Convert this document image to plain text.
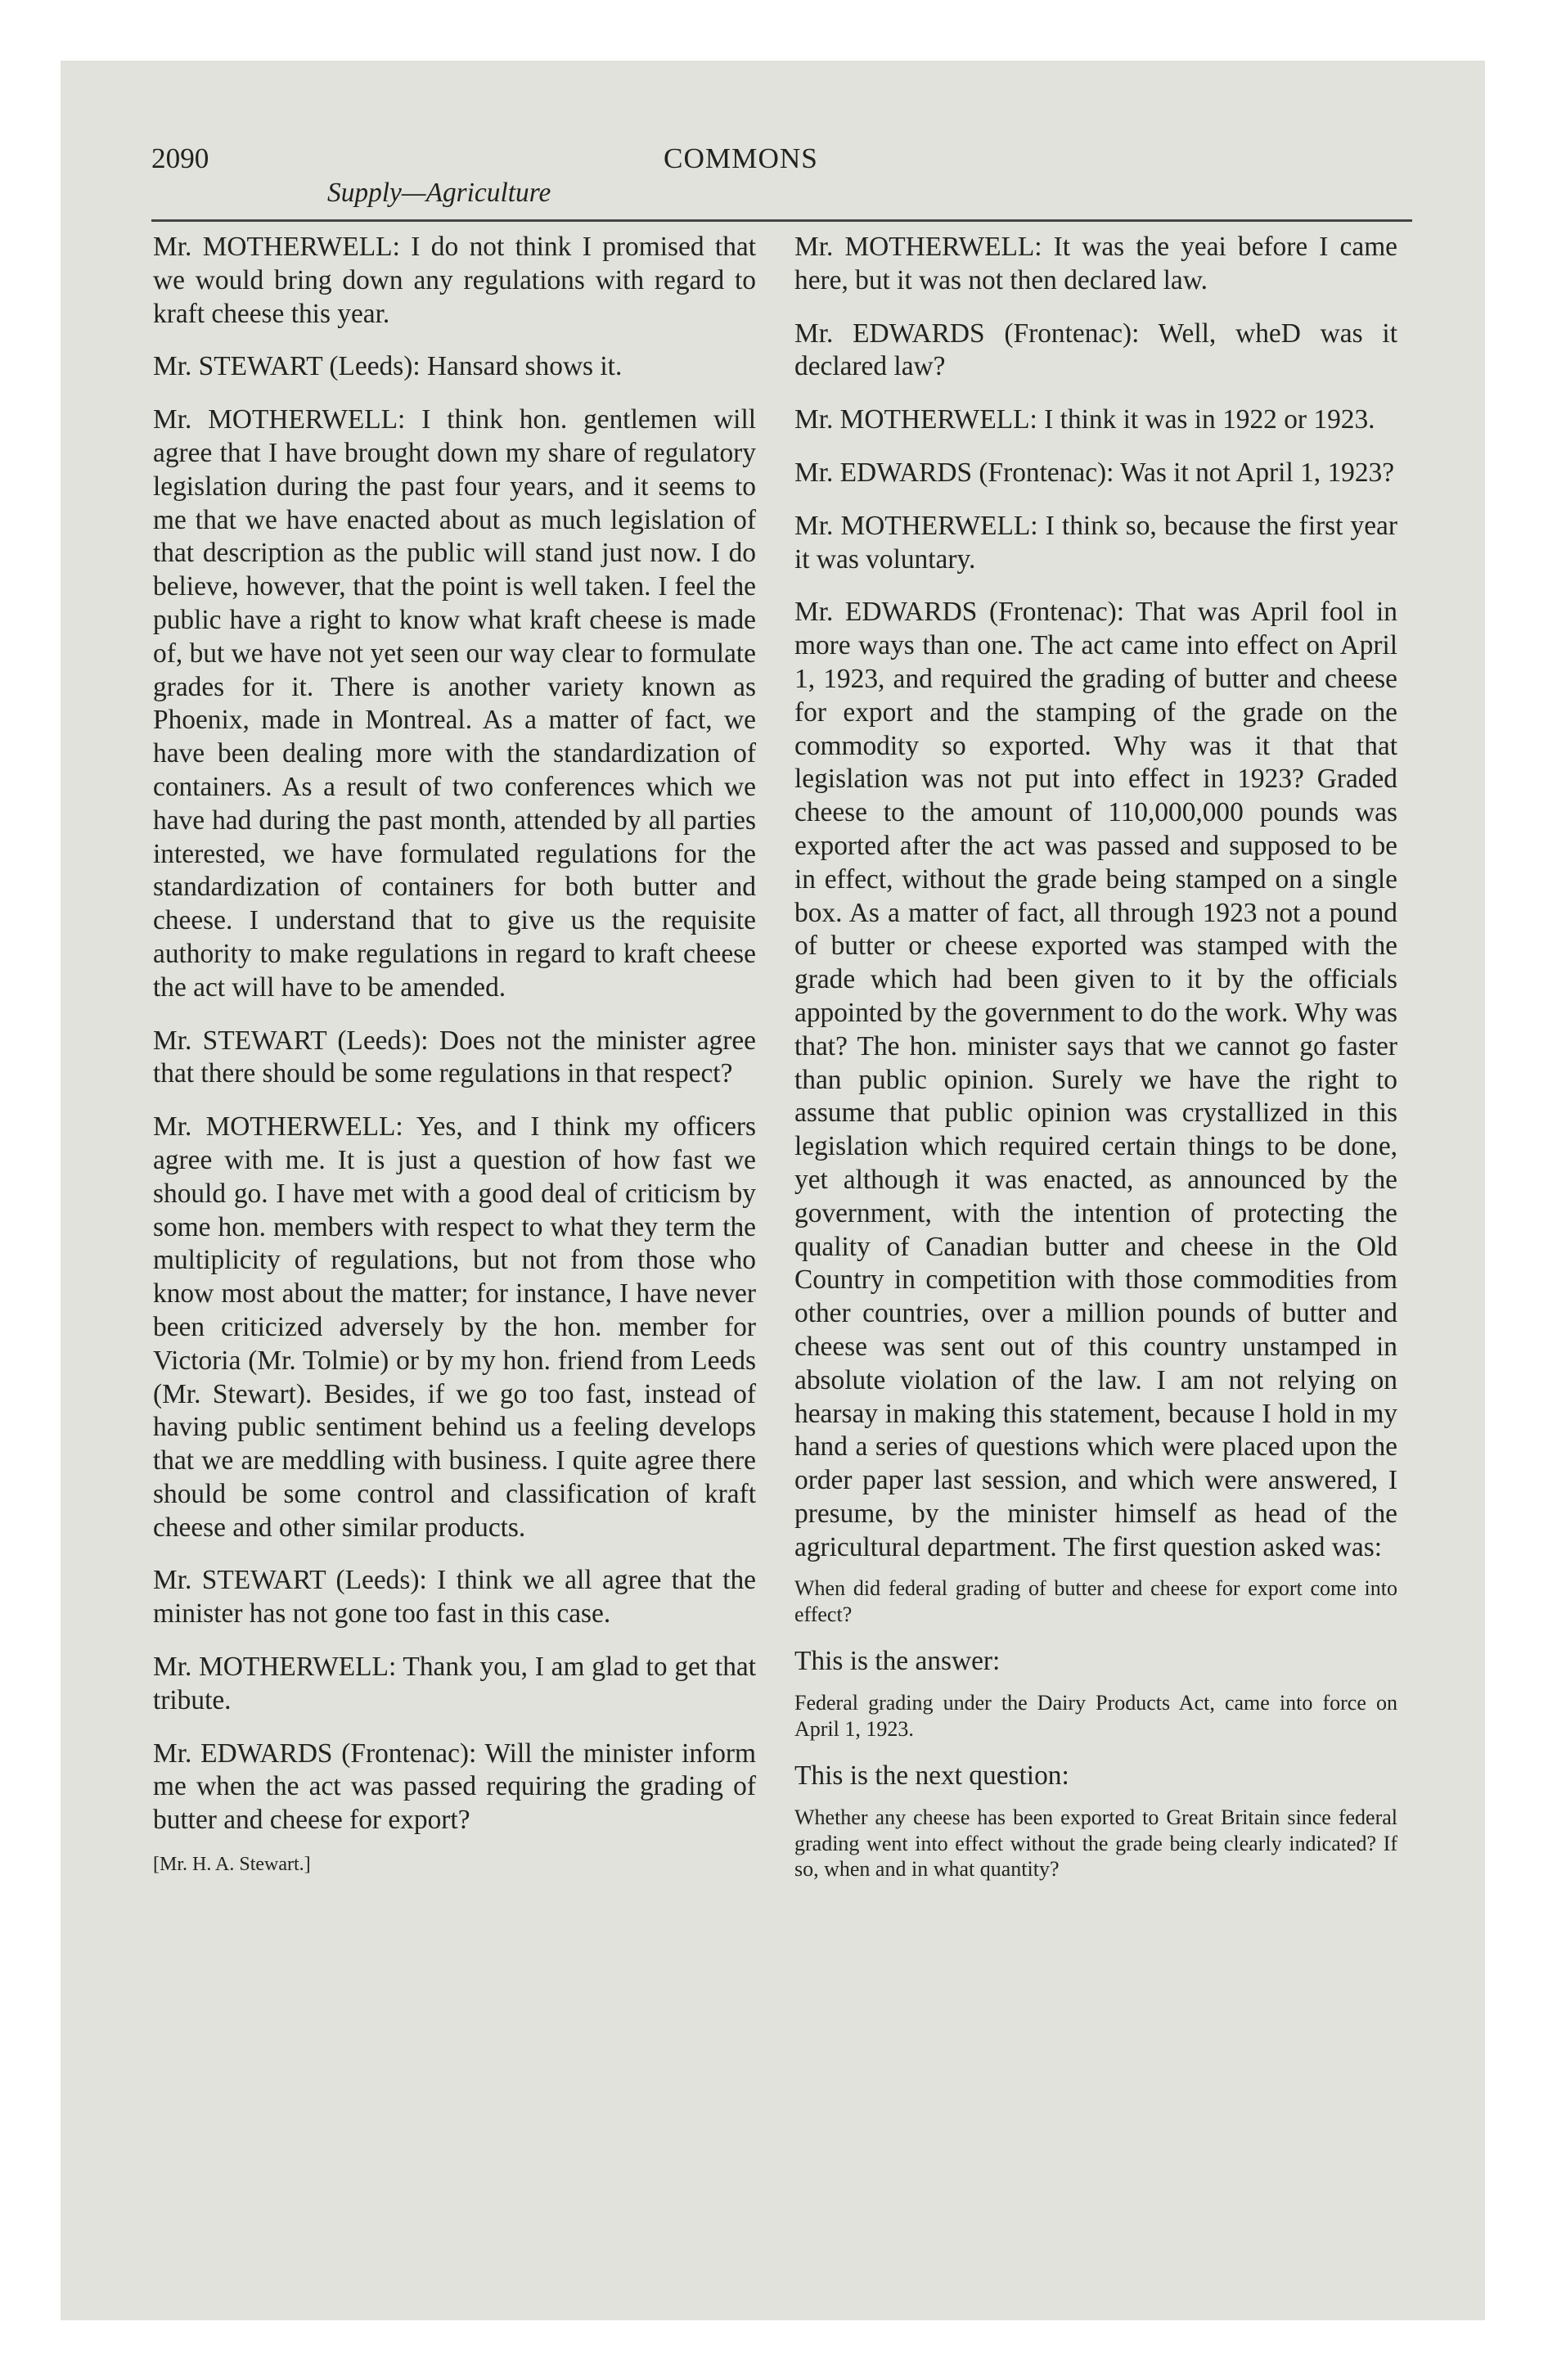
2090	COMMONS
Supply—Agriculture

Mr. MOTHERWELL: I do not think I promised that we would bring down any regulations with regard to kraft cheese this year.

Mr. STEWART (Leeds): Hansard shows it.

Mr. MOTHERWELL: I think hon. gentlemen will agree that I have brought down my share of regulatory legislation during the past four years, and it seems to me that we have enacted about as much legislation of that description as the public will stand just now. I do believe, however, that the point is well taken. I feel the public have a right to know what kraft cheese is made of, but we have not yet seen our way clear to formulate grades for it. There is another variety known as Phoenix, made in Montreal. As a matter of fact, we have been dealing more with the standardization of containers. As a result of two conferences which we have had during the past month, attended by all parties interested, we have formulated regulations for the standardization of containers for both butter and cheese. I understand that to give us the requisite authority to make regulations in regard to kraft cheese the act will have to be amended.

Mr. STEWART (Leeds): Does not the minister agree that there should be some regulations in that respect?

Mr. MOTHERWELL: Yes, and I think my officers agree with me. It is just a question of how fast we should go. I have met with a good deal of criticism by some hon. members with respect to what they term the multiplicity of regulations, but not from those who know most about the matter; for instance, I have never been criticized adversely by the hon. member for Victoria (Mr. Tolmie) or by my hon. friend from Leeds (Mr. Stewart). Besides, if we go too fast, instead of having public sentiment behind us a feeling develops that we are meddling with business. I quite agree there should be some control and classification of kraft cheese and other similar products.

Mr. STEWART (Leeds): I think we all agree that the minister has not gone too fast in this case.

Mr. MOTHERWELL: Thank you, I am glad to get that tribute.

Mr. EDWARDS (Frontenac): Will the minister inform me when the act was passed requiring the grading of butter and cheese for export?

[Mr. H. A. Stewart.]

Mr. MOTHERWELL: It was the yeai before I came here, but it was not then declared law.

Mr. EDWARDS (Frontenac): Well, wheD was it declared law?

Mr. MOTHERWELL: I think it was in 1922 or 1923.

Mr. EDWARDS (Frontenac): Was it not April 1, 1923?

Mr. MOTHERWELL: I think so, because the first year it was voluntary.

Mr. EDWARDS (Frontenac): That was April fool in more ways than one. The act came into effect on April 1, 1923, and required the grading of butter and cheese for export and the stamping of the grade on the commodity so exported. Why was it that that legislation was not put into effect in 1923? Graded cheese to the amount of 110,000,000 pounds was exported after the act was passed and supposed to be in effect, without the grade being stamped on a single box. As a matter of fact, all through 1923 not a pound of butter or cheese exported was stamped with the grade which had been given to it by the officials appointed by the government to do the work. Why was that? The hon. minister says that we cannot go faster than public opinion. Surely we have the right to assume that public opinion was crystallized in this legislation which required certain things to be done, yet although it was enacted, as announced by the government, with the intention of protecting the quality of Canadian butter and cheese in the Old Country in competition with those commodities from other countries, over a million pounds of butter and cheese was sent out of this country unstamped in absolute violation of the law. I am not relying on hearsay in making this statement, because I hold in my hand a series of questions which were placed upon the order paper last session, and which were answered, I presume, by the minister himself as head of the agricultural department. The first question asked was:

When did federal grading of butter and cheese for export come into effect?

This is the answer:

Federal grading under the Dairy Products Act, came into force on April 1, 1923.

This is the next question:

Whether any cheese has been exported to Great Britain since federal grading went into effect without the grade being clearly indicated? If so, when and in what quantity?
